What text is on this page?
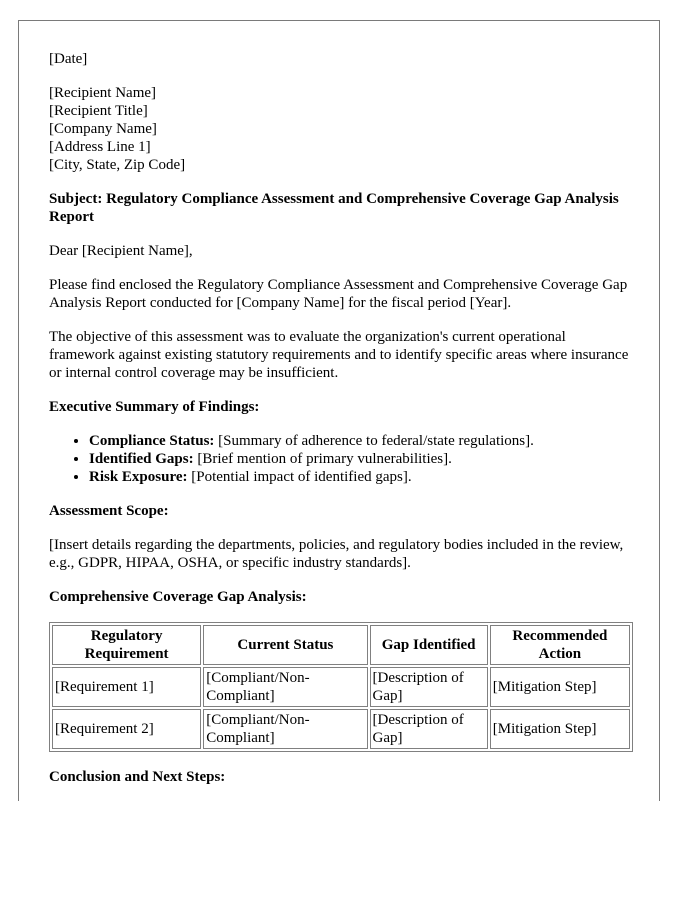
[Date]

[Recipient Name]

[Recipient Title]

[Company Name]

[Address Line 1]

[City, State, Zip Code]

Subject: Regulatory Compliance Assessment and Comprehensive Coverage Gap Analysis Report

Dear [Recipient Name],

Please find enclosed the Regulatory Compliance Assessment and Comprehensive Coverage Gap Analysis Report conducted for [Company Name] for the fiscal period [Year].

The objective of this assessment was to evaluate the organization's current operational framework against existing statutory requirements and to identify specific areas where insurance or internal control coverage may be insufficient.

Executive Summary of Findings:

• Compliance Status: [Summary of adherence to federal/state regulations].
• Identified Gaps: [Brief mention of primary vulnerabilities].
• Risk Exposure: [Potential impact of identified gaps].

Assessment Scope:

[Insert details regarding the departments, policies, and regulatory bodies included in the review, e.g., GDPR, HIPAA, OSHA, or specific industry standards].

Comprehensive Coverage Gap Analysis:

Regulatory Requirement	Current Status	Gap Identified	Recommended Action
[Requirement 1]	[Compliant/Non-Compliant]	[Description of Gap]	[Mitigation Step]
[Requirement 2]	[Compliant/Non-Compliant]	[Description of Gap]	[Mitigation Step]

Conclusion and Next Steps:
